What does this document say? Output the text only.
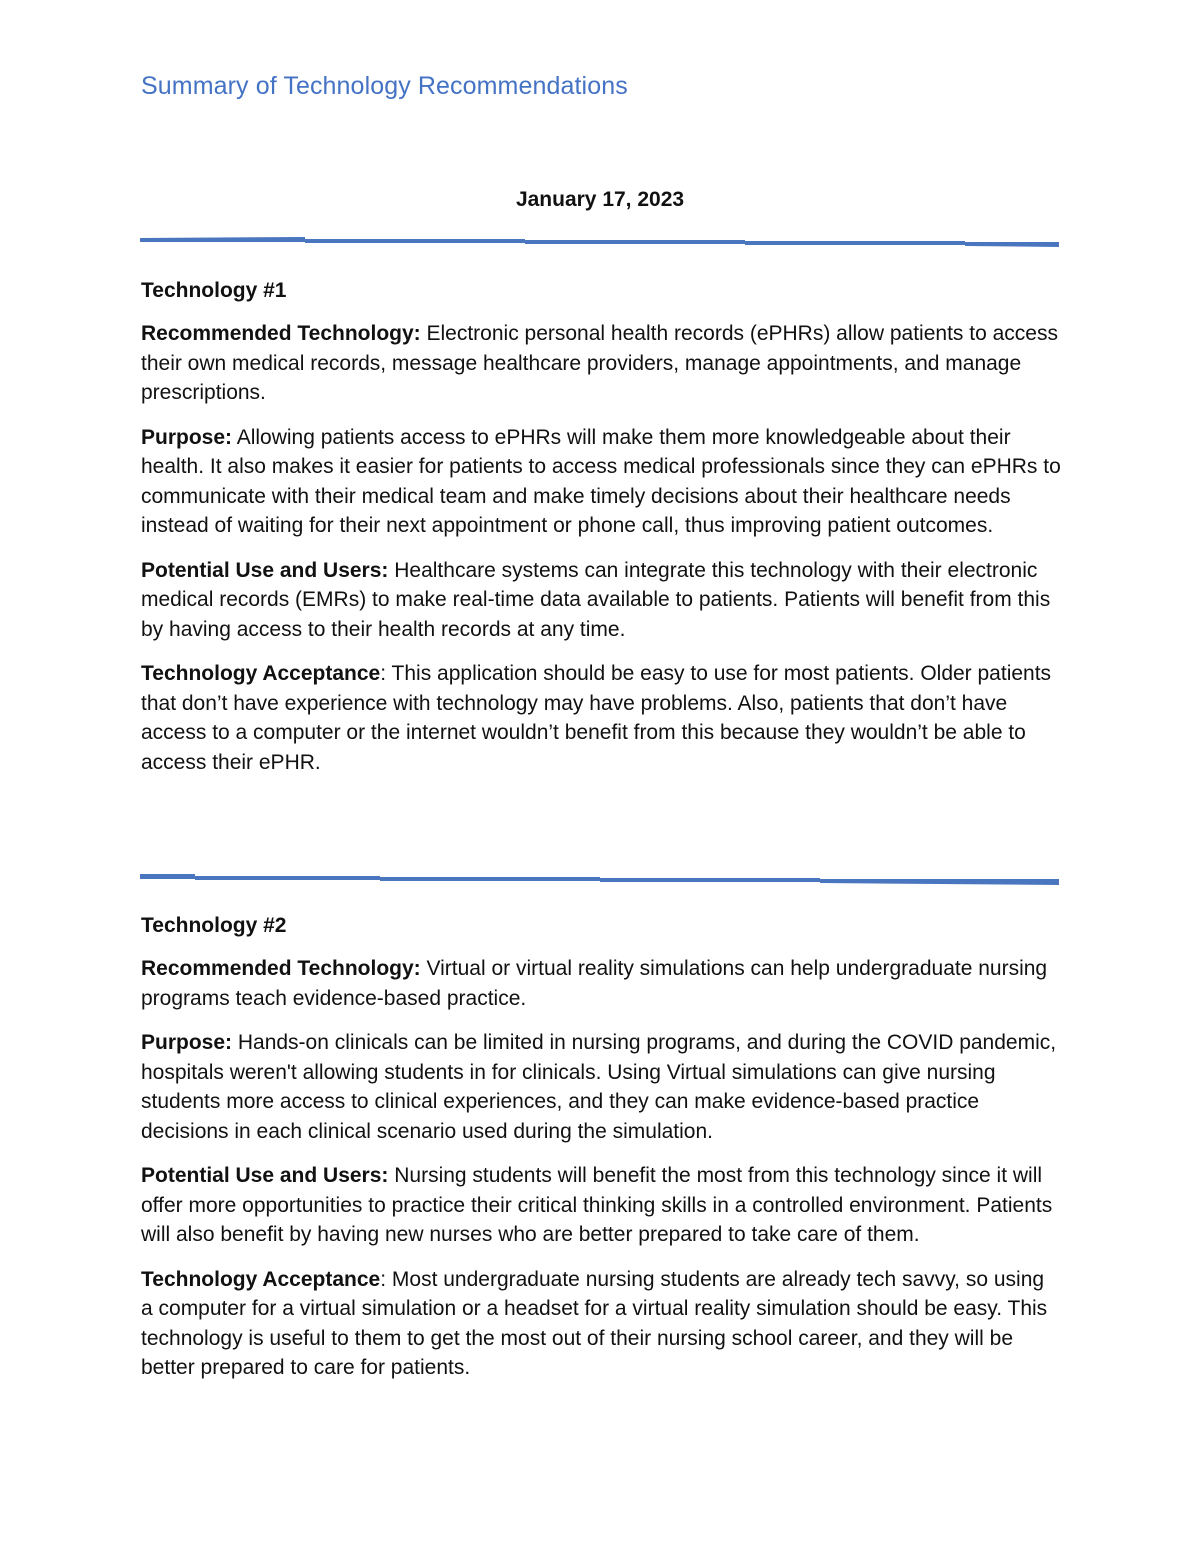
Summary of Technology Recommendations

January 17, 2023

Technology #1

Recommended Technology: Electronic personal health records (ePHRs) allow patients to access their own medical records, message healthcare providers, manage appointments, and manage prescriptions.

Purpose: Allowing patients access to ePHRs will make them more knowledgeable about their health. It also makes it easier for patients to access medical professionals since they can ePHRs to communicate with their medical team and make timely decisions about their healthcare needs instead of waiting for their next appointment or phone call, thus improving patient outcomes.

Potential Use and Users: Healthcare systems can integrate this technology with their electronic medical records (EMRs) to make real-time data available to patients. Patients will benefit from this by having access to their health records at any time.

Technology Acceptance: This application should be easy to use for most patients. Older patients that don’t have experience with technology may have problems. Also, patients that don’t have access to a computer or the internet wouldn’t benefit from this because they wouldn’t be able to access their ePHR.

Technology #2

Recommended Technology: Virtual or virtual reality simulations can help undergraduate nursing programs teach evidence-based practice.

Purpose: Hands-on clinicals can be limited in nursing programs, and during the COVID pandemic, hospitals weren't allowing students in for clinicals. Using Virtual simulations can give nursing students more access to clinical experiences, and they can make evidence-based practice decisions in each clinical scenario used during the simulation.

Potential Use and Users: Nursing students will benefit the most from this technology since it will offer more opportunities to practice their critical thinking skills in a controlled environment. Patients will also benefit by having new nurses who are better prepared to take care of them.

Technology Acceptance: Most undergraduate nursing students are already tech savvy, so using a computer for a virtual simulation or a headset for a virtual reality simulation should be easy. This technology is useful to them to get the most out of their nursing school career, and they will be better prepared to care for patients.
